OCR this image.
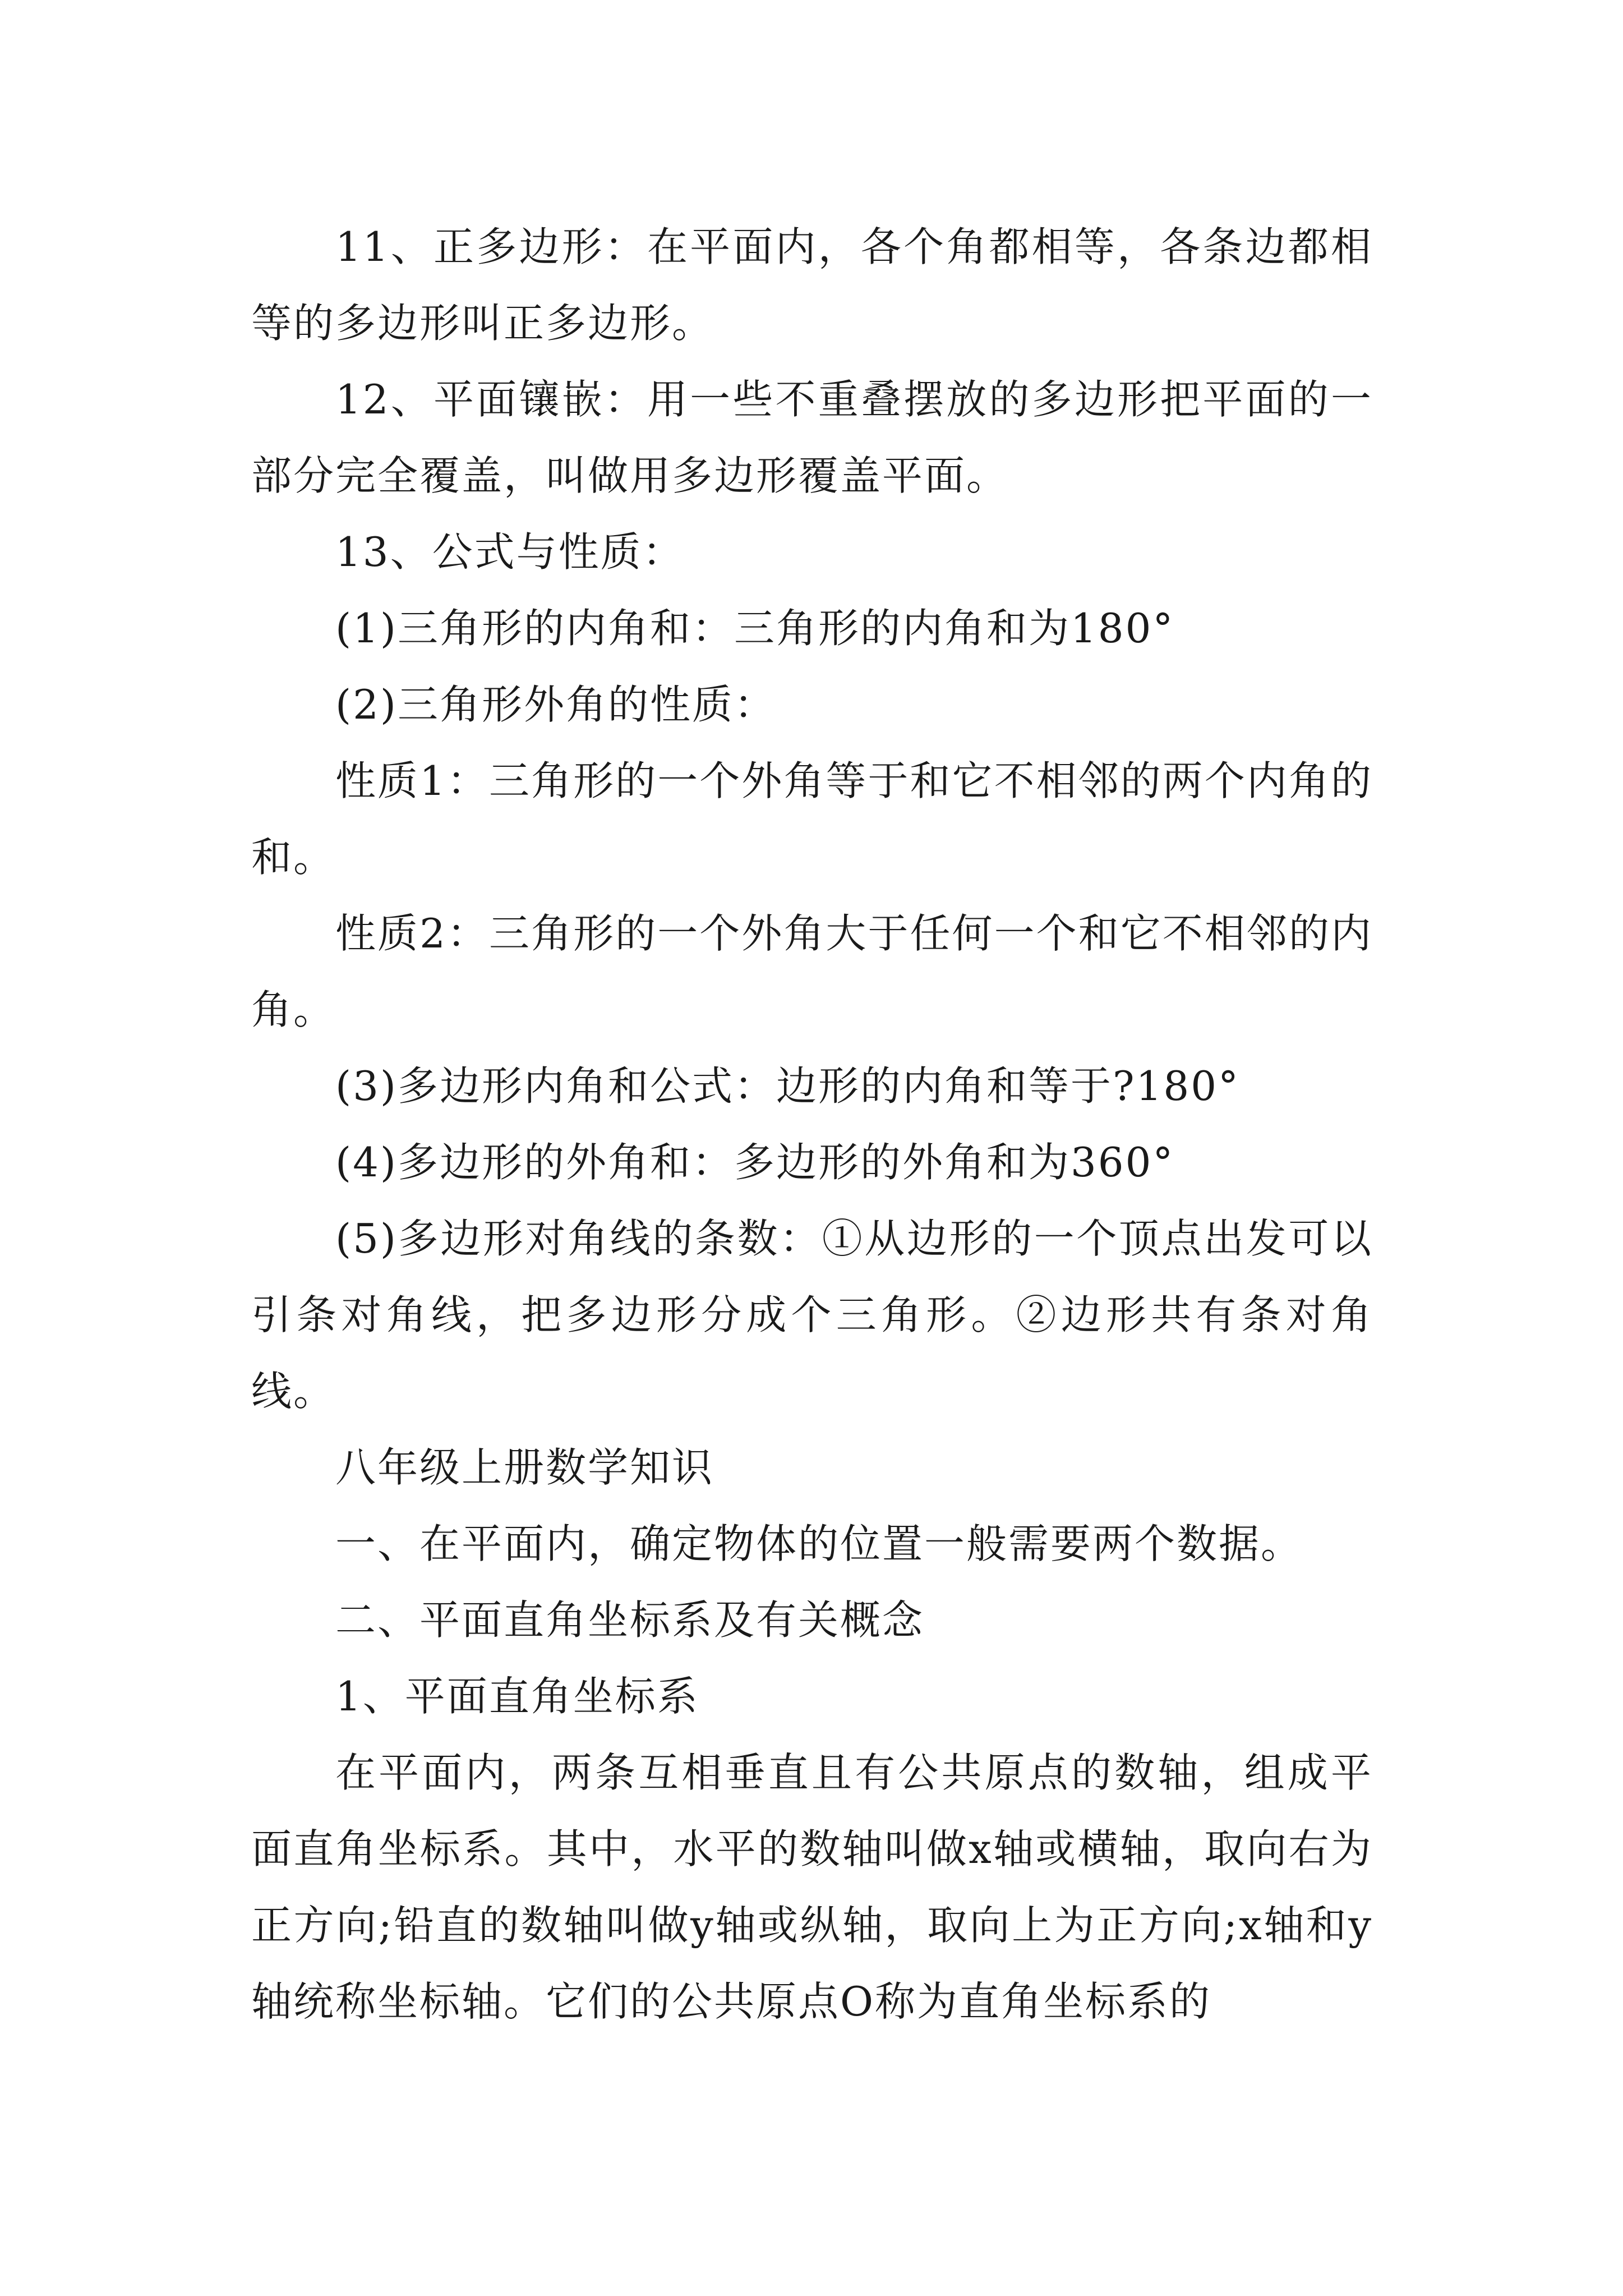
11、正多边形：在平面内，各个角都相等，各条边都相等的多边形叫正多边形。

12、平面镶嵌：用一些不重叠摆放的多边形把平面的一部分完全覆盖，叫做用多边形覆盖平面。

13、公式与性质：

(1)三角形的内角和：三角形的内角和为180°

(2)三角形外角的性质：

性质1：三角形的一个外角等于和它不相邻的两个内角的和。

性质2：三角形的一个外角大于任何一个和它不相邻的内角。

(3)多边形内角和公式：边形的内角和等于?180°

(4)多边形的外角和：多边形的外角和为360°

(5)多边形对角线的条数：①从边形的一个顶点出发可以引条对角线，把多边形分成个三角形。②边形共有条对角线。

八年级上册数学知识

一、在平面内，确定物体的位置一般需要两个数据。

二、平面直角坐标系及有关概念

1、平面直角坐标系

在平面内，两条互相垂直且有公共原点的数轴，组成平面直角坐标系。其中，水平的数轴叫做x轴或横轴，取向右为正方向;铅直的数轴叫做y轴或纵轴，取向上为正方向;x轴和y轴统称坐标轴。它们的公共原点O称为直角坐标系的
